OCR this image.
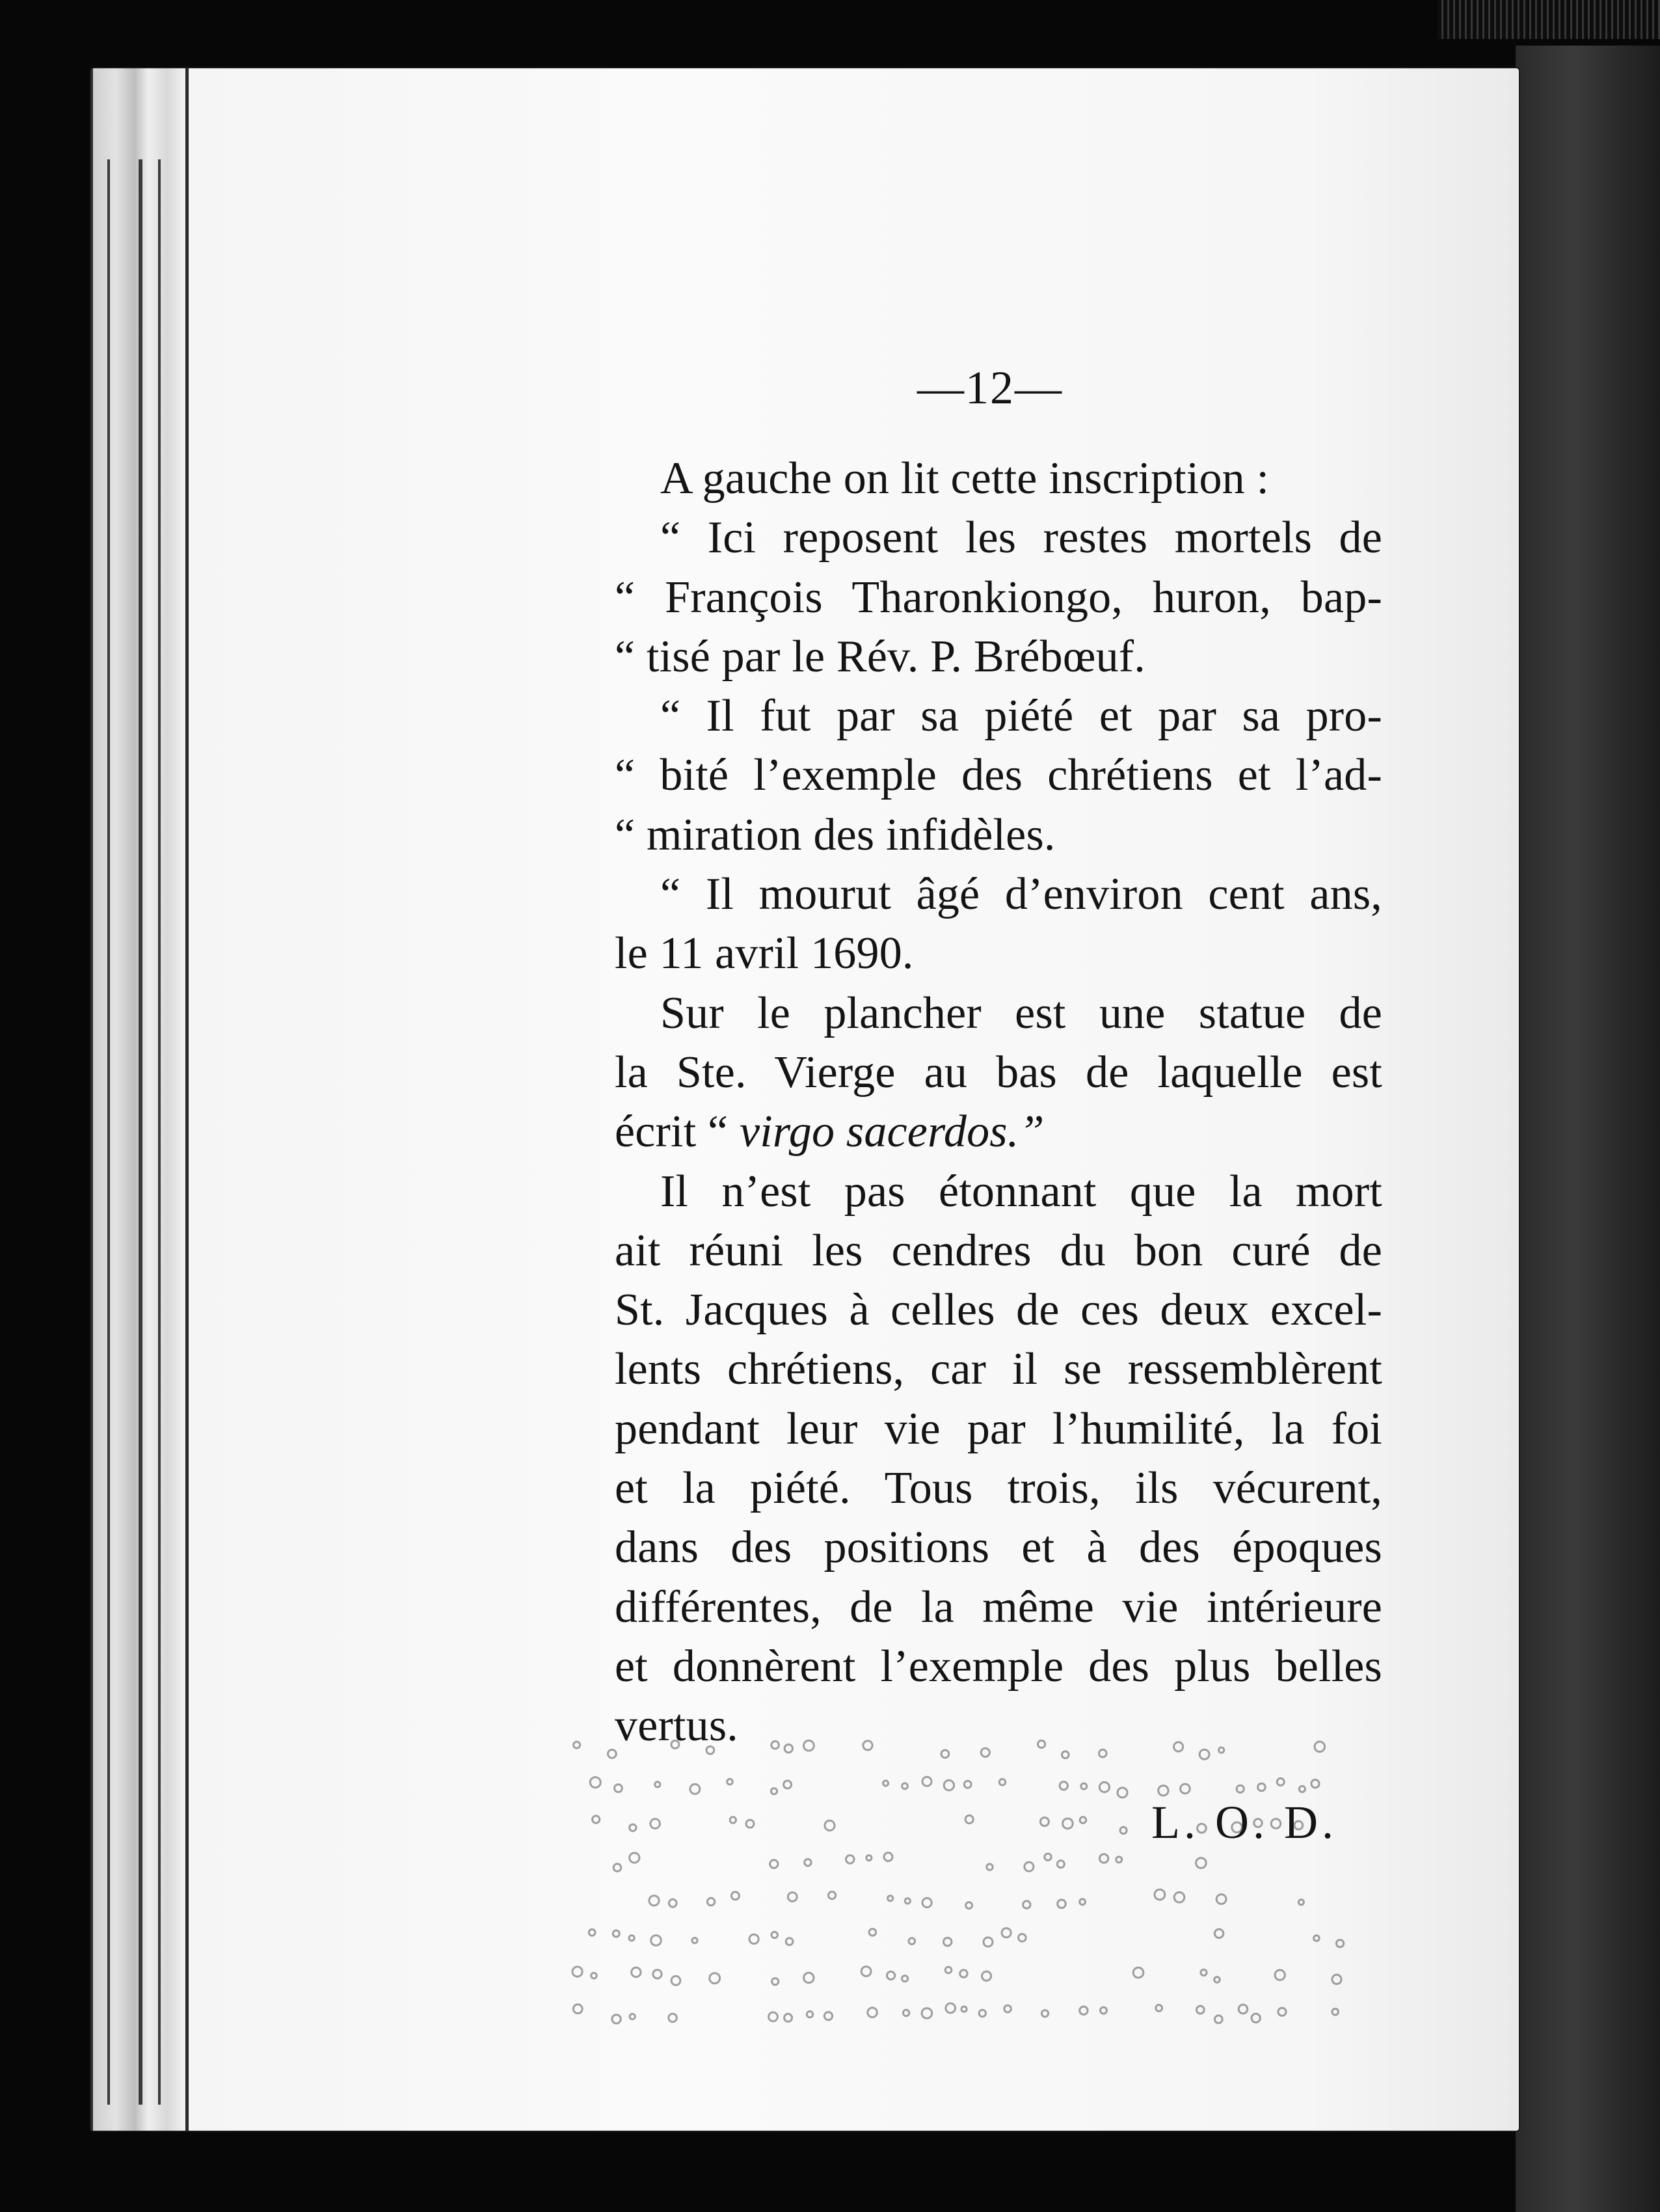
—12—
A gauche on lit cette inscription :
“ Ici reposent les restes mortels de
“ François Tharonkiongo, huron, bap-
“ tisé par le Rév. P. Brébœuf.
“ Il fut par sa piété et par sa pro-
“ bité l’exemple des chrétiens et l’ad-
“ miration des infidèles.
“ Il mourut âgé d’environ cent ans,
le 11 avril 1690.
Sur le plancher est une statue de
la Ste. Vierge au bas de laquelle est
écrit “ virgo sacerdos.”
Il n’est pas étonnant que la mort
ait réuni les cendres du bon curé de
St. Jacques à celles de ces deux excel-
lents chrétiens, car il se ressemblèrent
pendant leur vie par l’humilité, la foi
et la piété. Tous trois, ils vécurent,
dans des positions et à des époques
différentes, de la même vie intérieure
et donnèrent l’exemple des plus belles
vertus.
L. O. D.
